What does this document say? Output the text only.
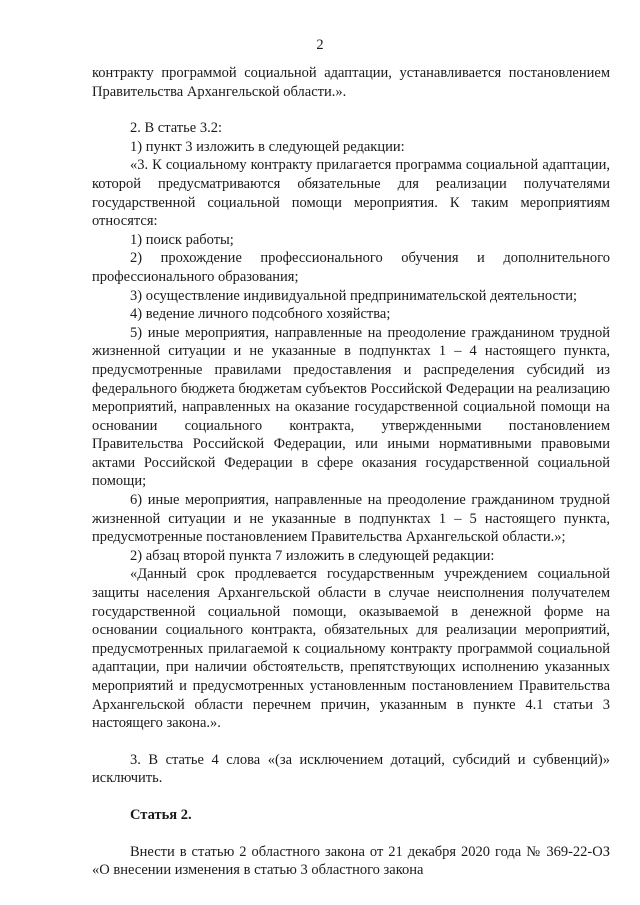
2

контракту программой социальной адаптации, устанавливается постановлением Правительства Архангельской области.».

2. В статье 3.2:

1) пункт 3 изложить в следующей редакции:

«3. К социальному контракту прилагается программа социальной адаптации, которой предусматриваются обязательные для реализации получателями государственной социальной помощи мероприятия. К таким мероприятиям относятся:

1) поиск работы;

2) прохождение профессионального обучения и дополнительного профессионального образования;

3) осуществление индивидуальной предпринимательской деятельности;

4) ведение личного подсобного хозяйства;

5) иные мероприятия, направленные на преодоление гражданином трудной жизненной ситуации и не указанные в подпунктах 1 – 4 настоящего пункта, предусмотренные правилами предоставления и распределения субсидий из федерального бюджета бюджетам субъектов Российской Федерации на реализацию мероприятий, направленных на оказание государственной социальной помощи на основании социального контракта, утвержденными постановлением Правительства Российской Федерации, или иными нормативными правовыми актами Российской Федерации в сфере оказания государственной социальной помощи;

6) иные мероприятия, направленные на преодоление гражданином трудной жизненной ситуации и не указанные в подпунктах 1 – 5 настоящего пункта, предусмотренные постановлением Правительства Архангельской области.»;

2) абзац второй пункта 7 изложить в следующей редакции:

«Данный срок продлевается государственным учреждением социальной защиты населения Архангельской области в случае неисполнения получателем государственной социальной помощи, оказываемой в денежной форме на основании социального контракта, обязательных для реализации мероприятий, предусмотренных прилагаемой к социальному контракту программой социальной адаптации, при наличии обстоятельств, препятствующих исполнению указанных мероприятий и предусмотренных установленным постановлением Правительства Архангельской области перечнем причин, указанным в пункте 4.1 статьи 3 настоящего закона.».

3. В статье 4 слова «(за исключением дотаций, субсидий и субвенций)» исключить.

Статья 2.

Внести в статью 2 областного закона от 21 декабря 2020 года № 369-22-ОЗ «О внесении изменения в статью 3 областного закона
